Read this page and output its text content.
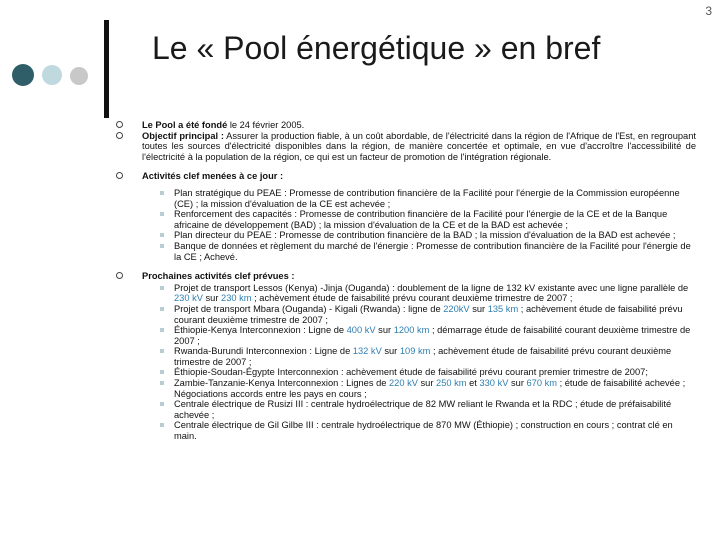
3
Le « Pool énergétique » en bref
Le Pool a été fondé le 24 février 2005.
Objectif principal : Assurer la production fiable, à un coût abordable, de l'électricité dans la région de l'Afrique de l'Est, en regroupant toutes les sources d'électricité disponibles dans la région, de manière concertée et optimale, en vue d'accroître l'accessibilité de l'électricité à la population de la région, ce qui est un facteur de promotion de l'intégration régionale.
Activités clef menées à ce jour :
Plan stratégique du PEAE : Promesse de contribution financière de la Facilité pour l'énergie de la Commission européenne (CE) ; la mission d'évaluation de la CE est achevée ;
Renforcement des capacités : Promesse de contribution financière de la Facilité pour l'énergie de la CE et de la Banque africaine de développement (BAD) ; la mission d'évaluation de la CE et de la BAD est achevée ;
Plan directeur du PEAE : Promesse de contribution financière de la BAD ; la mission d'évaluation de la BAD est achevée ;
Banque de données et règlement du marché de l'énergie : Promesse de contribution financière de la Facilité pour l'énergie de la CE ; Achevé.
Prochaines activités clef prévues :
Projet de transport Lessos (Kenya) -Jinja (Ouganda) : doublement de la ligne de 132 kV existante avec une ligne parallèle de 230 kV sur 230 km ; achèvement étude de faisabilité prévu courant deuxième trimestre de 2007 ;
Projet de transport Mbara (Ouganda) - Kigali (Rwanda) : ligne de 220kV sur 135 km ; achèvement étude de faisabilité prévu courant deuxième trimestre de 2007 ;
Éthiopie-Kenya Interconnexion : Ligne de 400 kV sur 1200 km ; démarrage étude de faisabilité courant deuxième trimestre de 2007 ;
Rwanda-Burundi Interconnexion : Ligne de 132 kV sur 109 km ; achèvement étude de faisabilité prévu courant deuxième trimestre de 2007 ;
Éthiopie-Soudan-Égypte Interconnexion : achèvement étude de faisabilité prévu courant premier trimestre de 2007;
Zambie-Tanzanie-Kenya Interconnexion : Lignes de 220 kV sur 250 km et 330 kV sur 670 km ; étude de faisabilité achevée ; Négociations accords entre les pays en cours ;
Centrale électrique de Rusizi III : centrale hydroélectrique de 82 MW reliant le Rwanda et la RDC ; étude de préfaisabilité achevée ;
Centrale électrique de Gil Gilbe III : centrale hydroélectrique de 870 MW (Éthiopie) ; construction en cours ; contrat clé en main.
